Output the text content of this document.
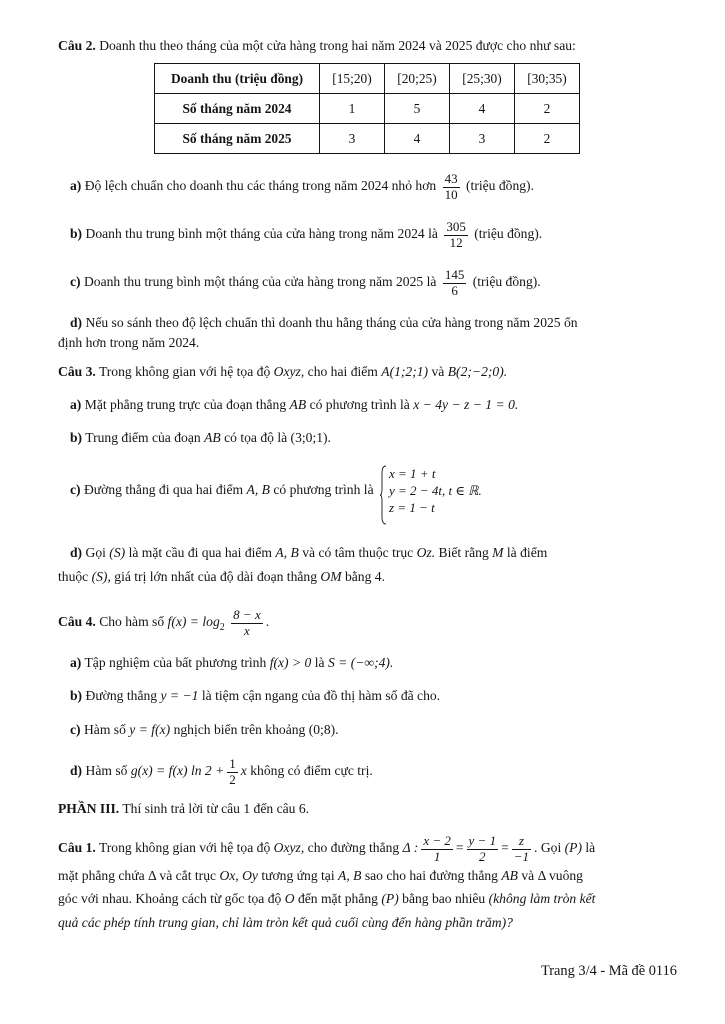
Câu 2. Doanh thu theo tháng của một cửa hàng trong hai năm 2024 và 2025 được cho như sau:
Doanh thu (triệu đồng)	[15;20)	[20;25)	[25;30)	[30;35)
Số tháng năm 2024	1	5	4	2
Số tháng năm 2025	3	4	3	2
a) Độ lệch chuẩn cho doanh thu các tháng trong năm 2024 nhỏ hơn $\frac{43}{10}$ (triệu đồng).
b) Doanh thu trung bình một tháng của cửa hàng trong năm 2024 là $\frac{305}{12}$ (triệu đồng).
c) Doanh thu trung bình một tháng của cửa hàng trong năm 2025 là $\frac{145}{6}$ (triệu đồng).
d) Nếu so sánh theo độ lệch chuẩn thì doanh thu hằng tháng của cửa hàng trong năm 2025 ổn
định hơn trong năm 2024.
Câu 3. Trong không gian với hệ tọa độ Oxyz, cho hai điểm A(1;2;1) và B(2;−2;0).
a) Mặt phẳng trung trực của đoạn thẳng AB có phương trình là x − 4y − z − 1 = 0.
b) Trung điểm của đoạn AB có tọa độ là (3;0;1).
c) Đường thẳng đi qua hai điểm A, B có phương trình là
x = 1 + t
y = 2 − 4t, t ∈ ℝ.
z = 1 − t
d) Gọi (S) là mặt cầu đi qua hai điểm A, B và có tâm thuộc trục Oz. Biết rằng M là điểm
thuộc (S), giá trị lớn nhất của độ dài đoạn thẳng OM bằng 4.
Câu 4. Cho hàm số $f(x) = \log_2 \frac{8 - x}{x}$ .
a) Tập nghiệm của bất phương trình f(x) > 0 là S = (−∞;4).
b) Đường thẳng y = −1 là tiệm cận ngang của đồ thị hàm số đã cho.
c) Hàm số y = f(x) nghịch biến trên khoảng (0;8).
d) Hàm số g(x) = f(x) $\ln 2 + \frac{1}{2}$ x không có điểm cực trị.
PHẦN III. Thí sinh trả lời từ câu 1 đến câu 6.
Câu 1. Trong không gian với hệ tọa độ Oxyz, cho đường thẳng Δ : $\frac{x - 2}{1} = \frac{y - 1}{2} = \frac{z}{-1}$ . Gọi (P) là
mặt phẳng chứa Δ và cắt trục Ox, Oy tương ứng tại A, B sao cho hai đường thẳng AB và Δ vuông
góc với nhau. Khoảng cách từ gốc tọa độ O đến mặt phẳng (P) bằng bao nhiêu (không làm tròn kết
quả các phép tính trung gian, chỉ làm tròn kết quả cuối cùng đến hàng phần trăm)?
Trang 3/4 - Mã đề 0116
